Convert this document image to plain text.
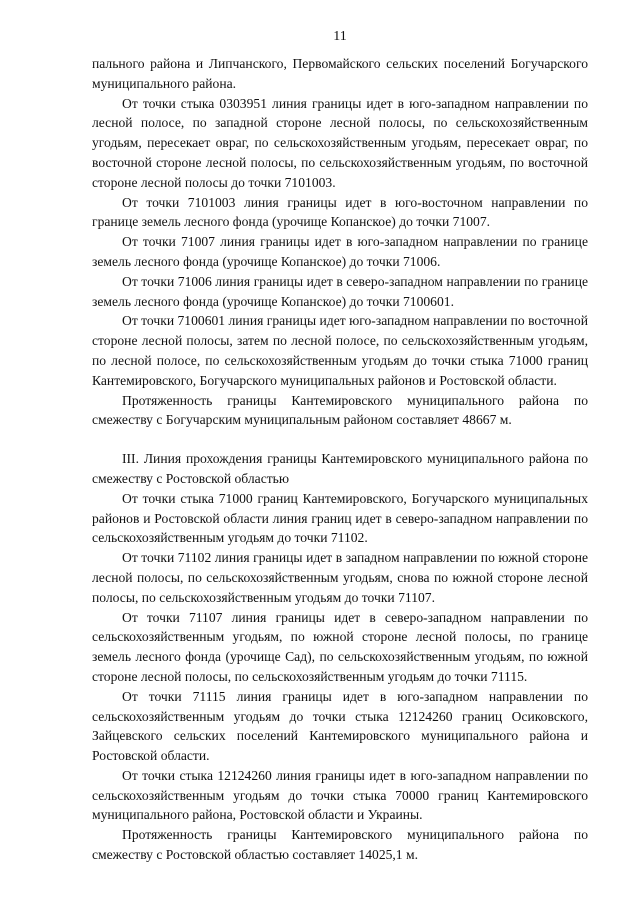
11

пального района и Липчанского, Первомайского сельских поселений Богучарского муниципального района.

От точки стыка 0303951 линия границы идет в юго-западном направлении по лесной полосе, по западной стороне лесной полосы, по сельскохозяйственным угодьям, пересекает овраг, по сельскохозяйственным угодьям, пересекает овраг, по восточной стороне лесной полосы, по сельскохозяйственным угодьям, по восточной стороне лесной полосы до точки 7101003.

От точки 7101003 линия границы идет в юго-восточном направлении по границе земель лесного фонда (урочище Копанское) до точки 71007.

От точки 71007 линия границы идет в юго-западном направлении по границе земель лесного фонда (урочище Копанское) до точки 71006.

От точки 71006 линия границы идет в северо-западном направлении по границе земель лесного фонда (урочище Копанское) до точки 7100601.

От точки 7100601 линия границы идет юго-западном направлении по восточной стороне лесной полосы, затем по лесной полосе, по сельскохозяйственным угодьям, по лесной полосе, по сельскохозяйственным угодьям до точки стыка 71000 границ Кантемировского, Богучарского муниципальных районов и Ростовской области.

Протяженность границы Кантемировского муниципального района по смежеству с Богучарским муниципальным районом составляет 48667 м.

III. Линия прохождения границы Кантемировского муниципального района по смежеству с Ростовской областью

От точки стыка 71000 границ Кантемировского, Богучарского муниципальных районов и Ростовской области линия границ идет в северо-западном направлении по сельскохозяйственным угодьям до точки 71102.

От точки 71102 линия границы идет в западном направлении по южной стороне лесной полосы, по сельскохозяйственным угодьям, снова по южной стороне лесной полосы, по сельскохозяйственным угодьям до точки 71107.

От точки 71107 линия границы идет в северо-западном направлении по сельскохозяйственным угодьям, по южной стороне лесной полосы, по границе земель лесного фонда (урочище Сад), по сельскохозяйственным угодьям, по южной стороне лесной полосы, по сельскохозяйственным угодьям до точки 71115.

От точки 71115 линия границы идет в юго-западном направлении по сельскохозяйственным угодьям до точки стыка 12124260 границ Осиковского, Зайцевского сельских поселений Кантемировского муниципального района и Ростовской области.

От точки стыка 12124260 линия границы идет в юго-западном направлении по сельскохозяйственным угодьям до точки стыка 70000 границ Кантемировского муниципального района, Ростовской области и Украины.

Протяженность границы Кантемировского муниципального района по смежеству с Ростовской областью составляет 14025,1 м.
